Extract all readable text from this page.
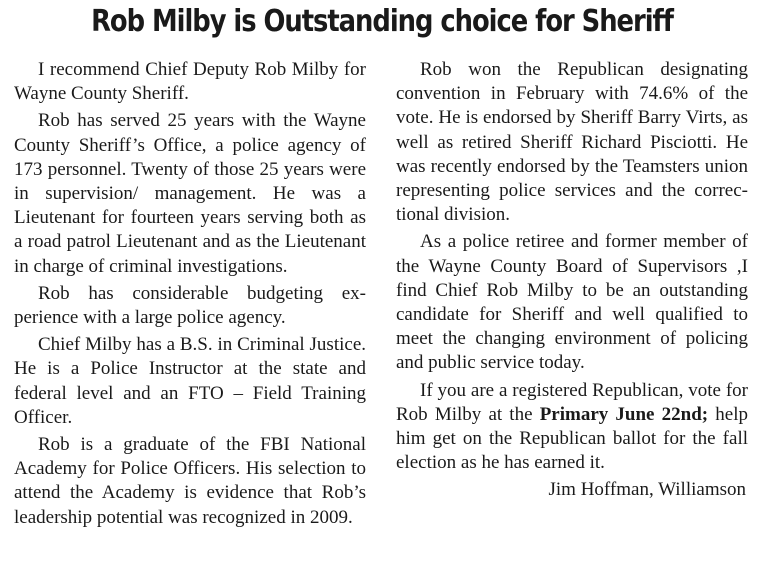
Rob Milby is Outstanding choice for Sheriff

I recommend Chief Deputy Rob Milby for Wayne County Sheriff.

Rob has served 25 years with the Wayne County Sheriff’s Office, a police agency of 173 personnel. Twenty of those 25 years were in supervision/ management. He was a Lieutenant for fourteen years serving both as a road patrol Lieutenant and as the Lieutenant in charge of criminal investigations.

Rob has considerable budgeting experience with a large police agency.

Chief Milby has a B.S. in Criminal Justice. He is a Police Instructor at the state and federal level and an FTO – Field Training Officer.

Rob is a graduate of the FBI National Academy for Police Officers. His selection to attend the Academy is evidence that Rob’s leadership potential was recognized in 2009.

Rob won the Republican designating convention in February with 74.6% of the vote. He is endorsed by Sheriff Barry Virts, as well as retired Sheriff Richard Pisciotti. He was recently endorsed by the Teamsters union representing police services and the correctional division.

As a police retiree and former member of the Wayne County Board of Supervisors ,I find Chief Rob Milby to be an outstanding candidate for Sheriff and well qualified to meet the changing environment of policing and public service today.

If you are a registered Republican, vote for Rob Milby at the Primary June 22nd; help him get on the Republican ballot for the fall election as he has earned it.

Jim Hoffman, Williamson
